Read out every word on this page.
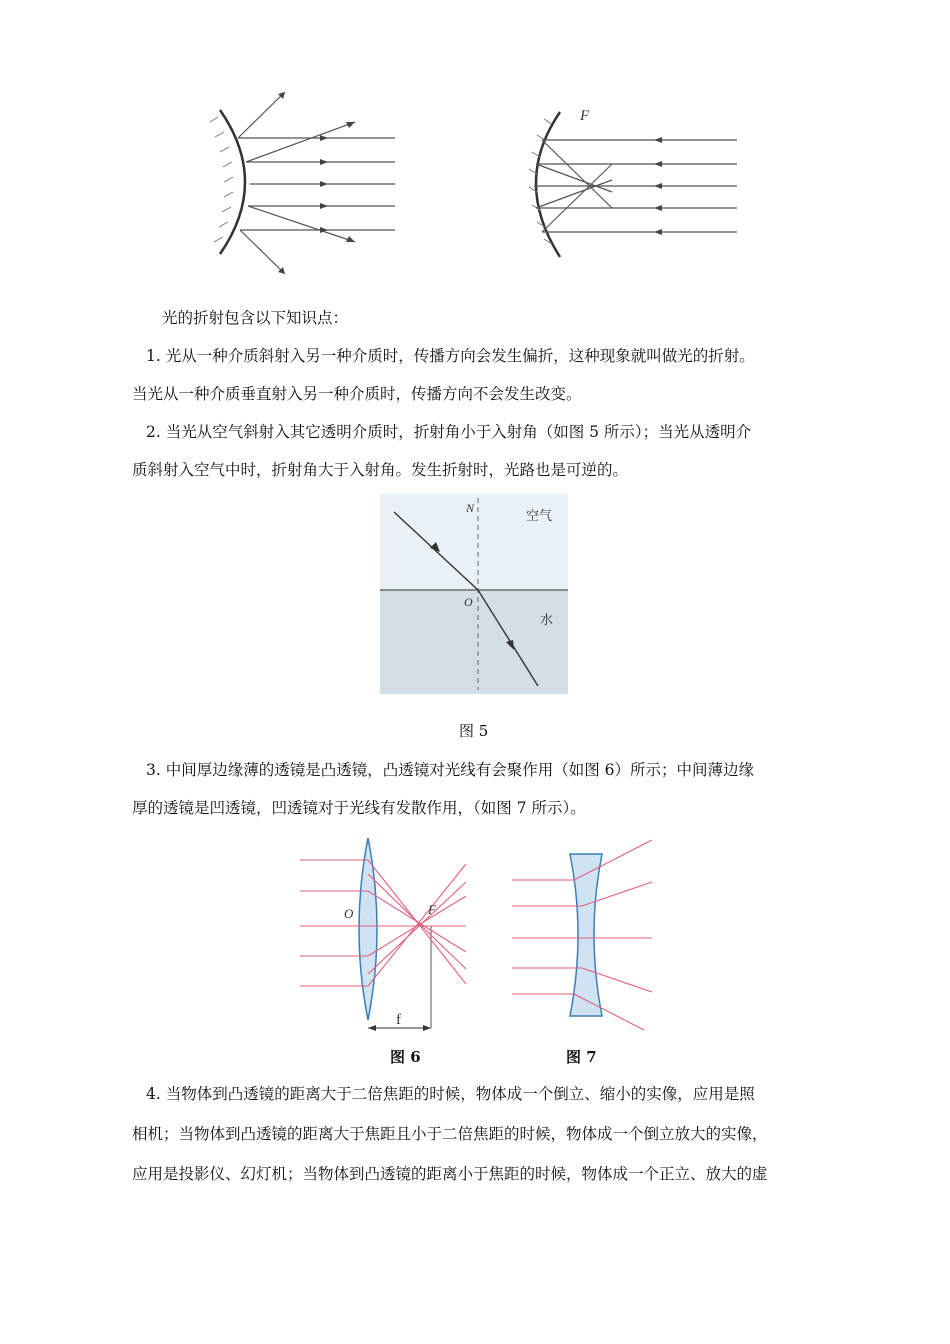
F
光的折射包含以下知识点：
1. 光从一种介质斜射入另一种介质时，传播方向会发生偏折，这种现象就叫做光的折射。
当光从一种介质垂直射入另一种介质时，传播方向不会发生改变。
2. 当光从空气斜射入其它透明介质时，折射角小于入射角（如图 5 所示）；当光从透明介
质斜射入空气中时，折射角大于入射角。发生折射时，光路也是可逆的。
N
O
空气
水
图 5
3. 中间厚边缘薄的透镜是凸透镜，凸透镜对光线有会聚作用（如图 6）所示；中间薄边缘
厚的透镜是凹透镜，凹透镜对于光线有发散作用，（如图 7 所示）。
O	F
f
图 6	图 7
4. 当物体到凸透镜的距离大于二倍焦距的时候，物体成一个倒立、缩小的实像，应用是照
相机；当物体到凸透镜的距离大于焦距且小于二倍焦距的时候，物体成一个倒立放大的实像，
应用是投影仪、幻灯机；当物体到凸透镜的距离小于焦距的时候，物体成一个正立、放大的虚
